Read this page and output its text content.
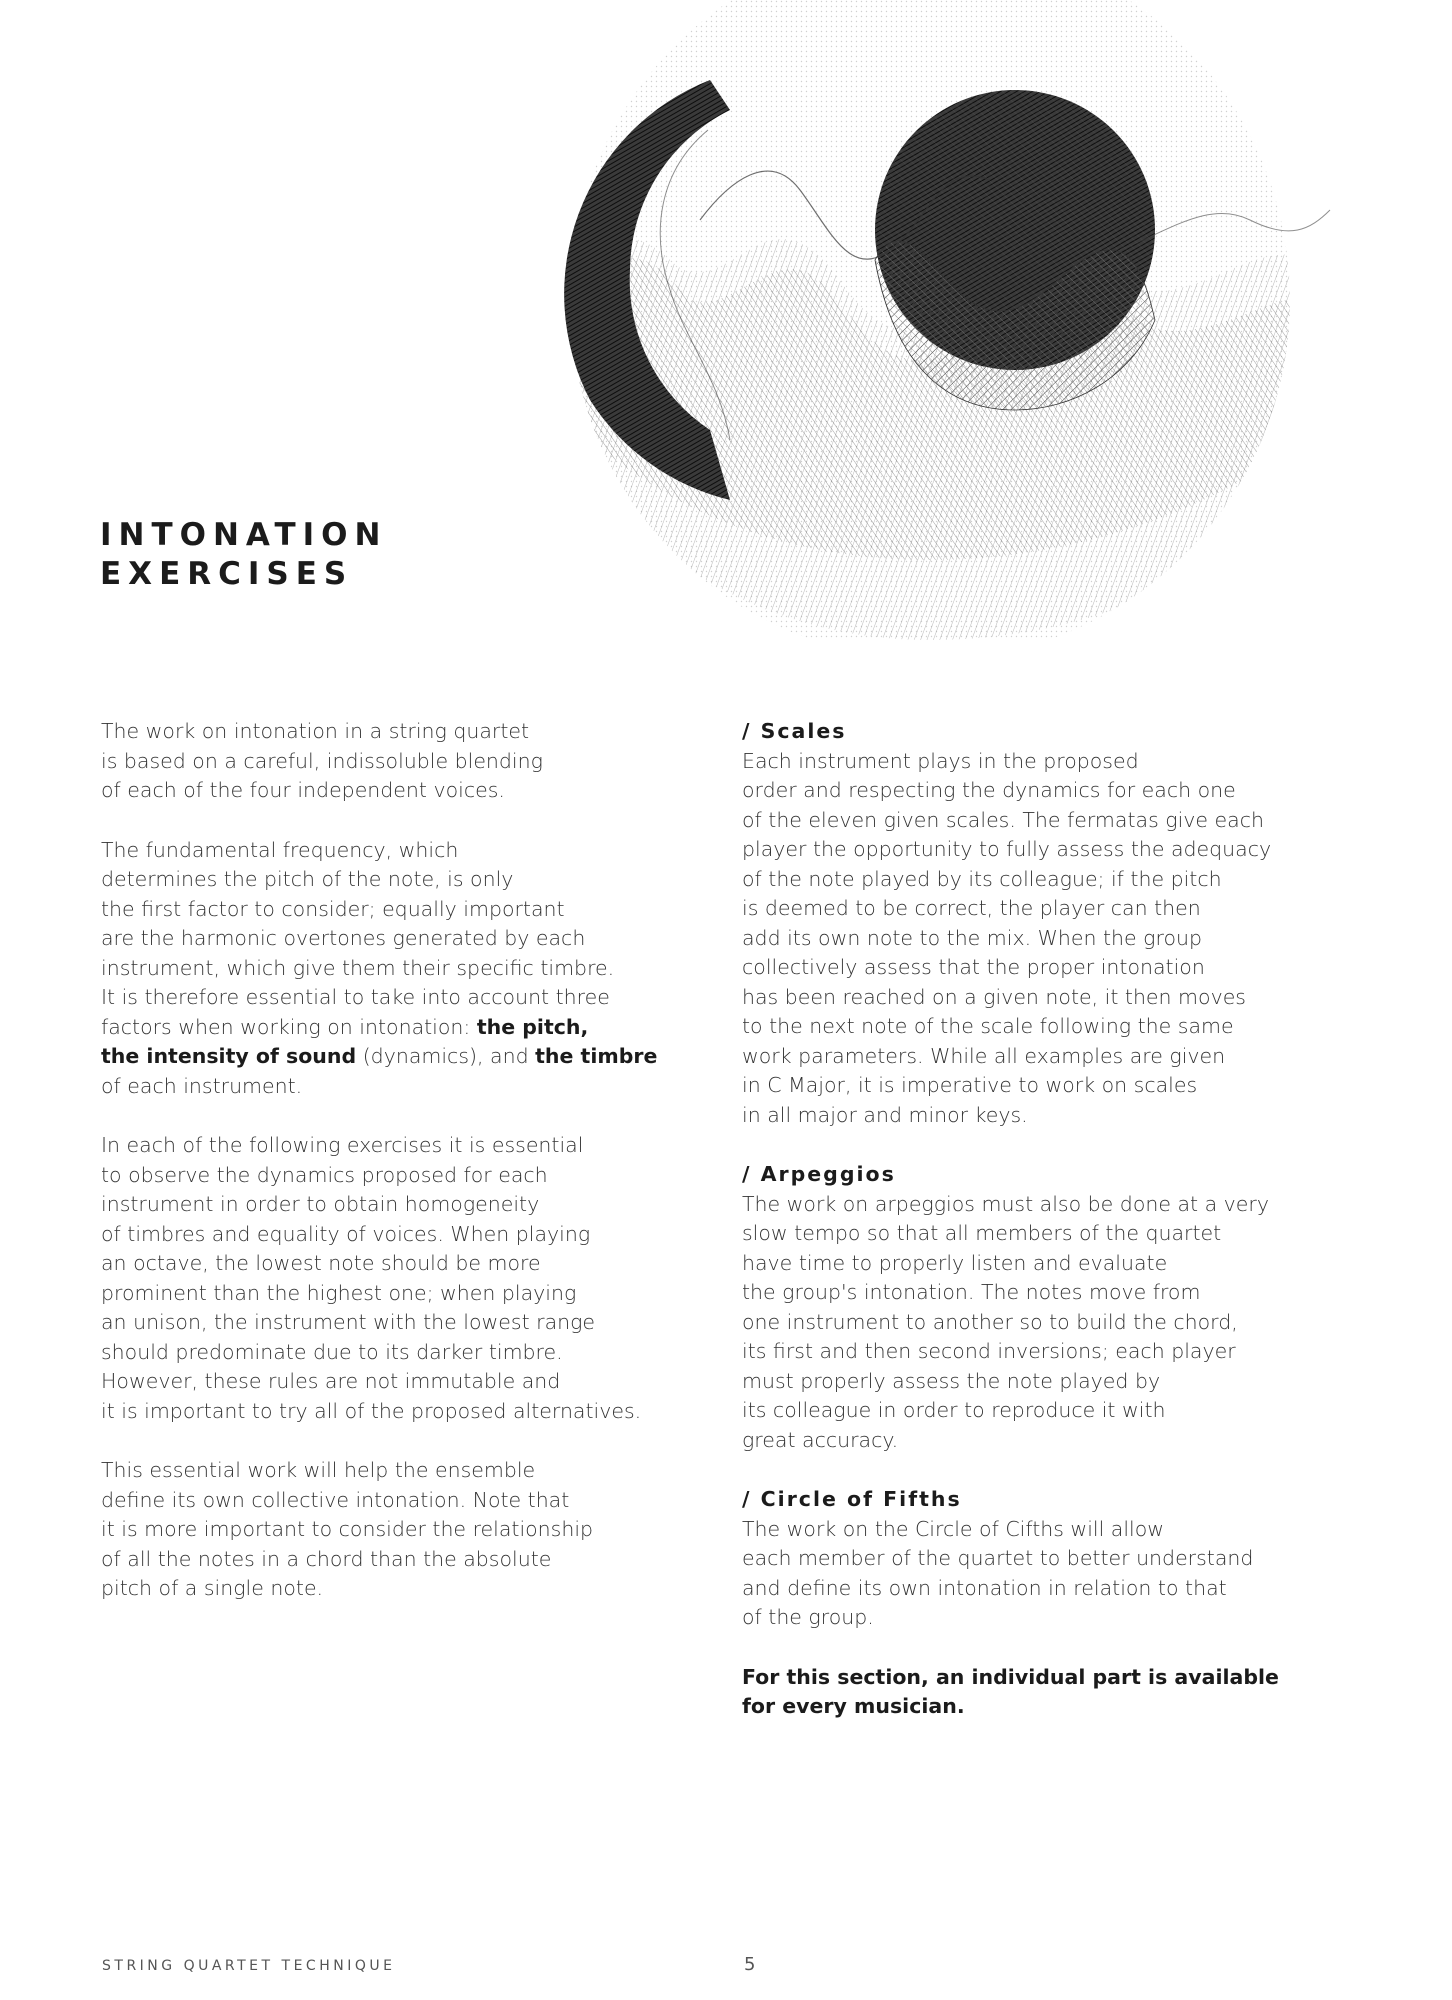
INTONATION
EXERCISES

The work on intonation in a string quartet
is based on a careful, indissoluble blending
of each of the four independent voices.

The fundamental frequency, which
determines the pitch of the note, is only
the first factor to consider; equally important
are the harmonic overtones generated by each
instrument, which give them their specific timbre.
It is therefore essential to take into account three
factors when working on intonation: the pitch,
the intensity of sound (dynamics), and the timbre
of each instrument.

In each of the following exercises it is essential
to observe the dynamics proposed for each
instrument in order to obtain homogeneity
of timbres and equality of voices. When playing
an octave, the lowest note should be more
prominent than the highest one; when playing
an unison, the instrument with the lowest range
should predominate due to its darker timbre.
However, these rules are not immutable and
it is important to try all of the proposed alternatives.

This essential work will help the ensemble
define its own collective intonation. Note that
it is more important to consider the relationship
of all the notes in a chord than the absolute
pitch of a single note.

/ Scales
Each instrument plays in the proposed
order and respecting the dynamics for each one
of the eleven given scales. The fermatas give each
player the opportunity to fully assess the adequacy
of the note played by its colleague; if the pitch
is deemed to be correct, the player can then
add its own note to the mix. When the group
collectively assess that the proper intonation
has been reached on a given note, it then moves
to the next note of the scale following the same
work parameters. While all examples are given
in C Major, it is imperative to work on scales
in all major and minor keys.

/ Arpeggios
The work on arpeggios must also be done at a very
slow tempo so that all members of the quartet
have time to properly listen and evaluate
the group's intonation. The notes move from
one instrument to another so to build the chord,
its first and then second inversions; each player
must properly assess the note played by
its colleague in order to reproduce it with
great accuracy.

/ Circle of Fifths
The work on the Circle of Cifths will allow
each member of the quartet to better understand
and define its own intonation in relation to that
of the group.

For this section, an individual part is available
for every musician.

STRING QUARTET TECHNIQUE	5
